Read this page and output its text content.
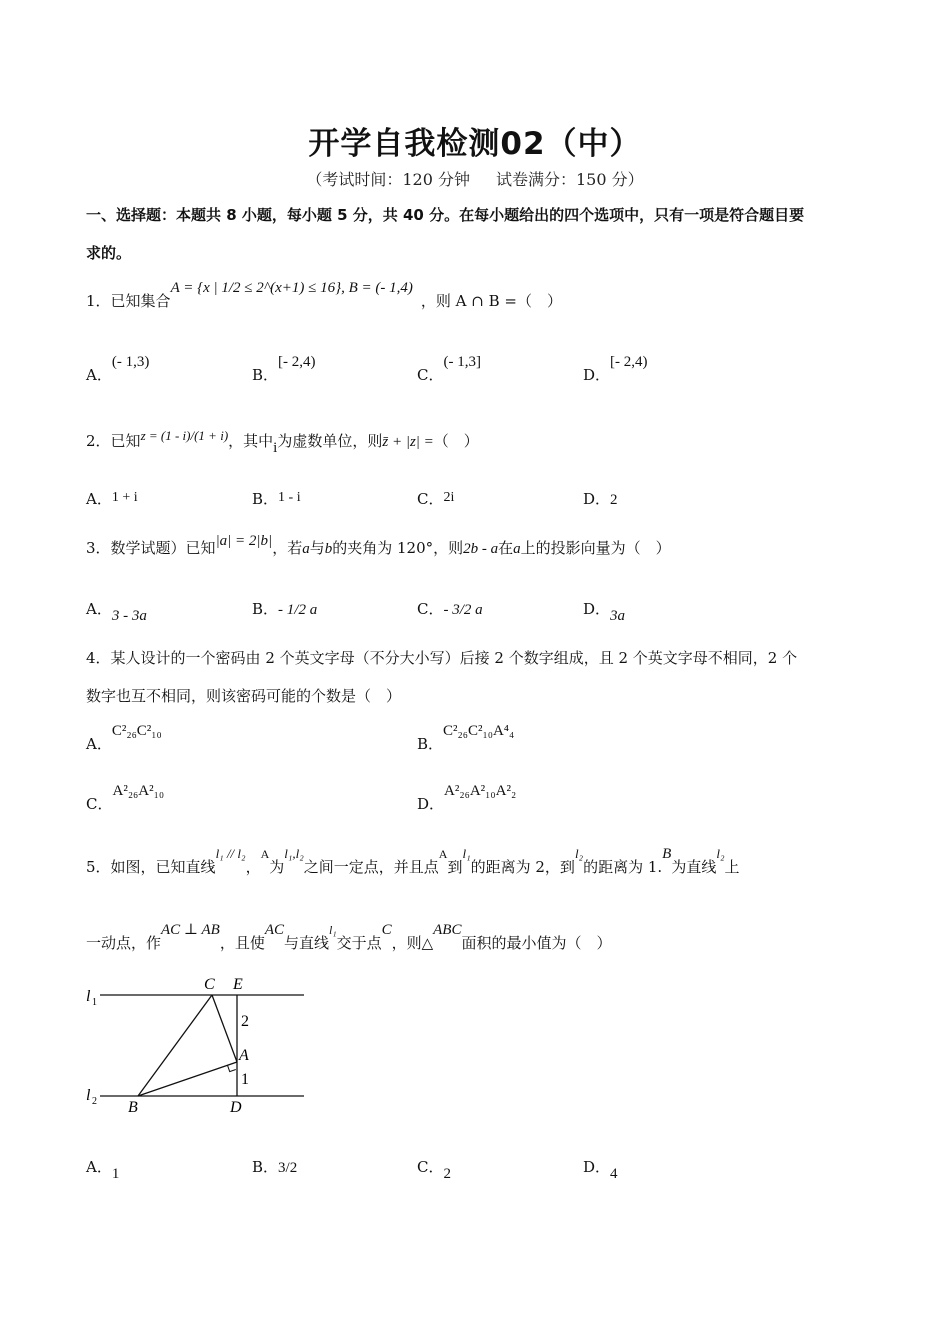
开学自我检测02（中）
（考试时间：120 分钟 试卷满分：150 分）
一、选择题：本题共 8 小题，每小题 5 分，共 40 分。在每小题给出的四个选项中，只有一项是符合题目要
求的。
1．已知集合A = {x | 1/2 ≤ 2^(x+1) ≤ 16}, B = (- 1,4)，则 A ∩ B =（　）
A．(- 1,3)
B．[- 2,4)
C．(- 1,3]
D．[- 2,4)
2．已知z = (1 - i)/(1 + i)，其中i为虚数单位，则z̄ + |z| =（　）
A．1 + i	B．1 - i	C．2i	D．2
3．数学试题）已知|a| = 2|b|，若a与b的夹角为 120°，则2b - a在a上的投影向量为（　）
A．3 - 3a	B．- 1/2 a	C．- 3/2 a	D．3a
4．某人设计的一个密码由 2 个英文字母（不分大小写）后接 2 个数字组成，且 2 个英文字母不相同，2 个
数字也互不相同，则该密码可能的个数是（　）
A．C²₂₆C²₁₀
B．C²₂₆C²₁₀A⁴₄
C．A²₂₆A²₁₀
D．A²₂₆A²₁₀A²₂
5．如图，已知直线l₁ // l₂，$^A$为l₁,l₂之间一定点，并且点$^A$到l₁的距离为 2，到l₂的距离为 1.B为直线l₂上
一动点，作AC ⊥ AB，且使AC与直线$^{l_1}$交于点C，则△ABC面积的最小值为（　）
l 1
l 2
C E
A
B	D
2
1
A．1	B．3/2	C．2	D．4
